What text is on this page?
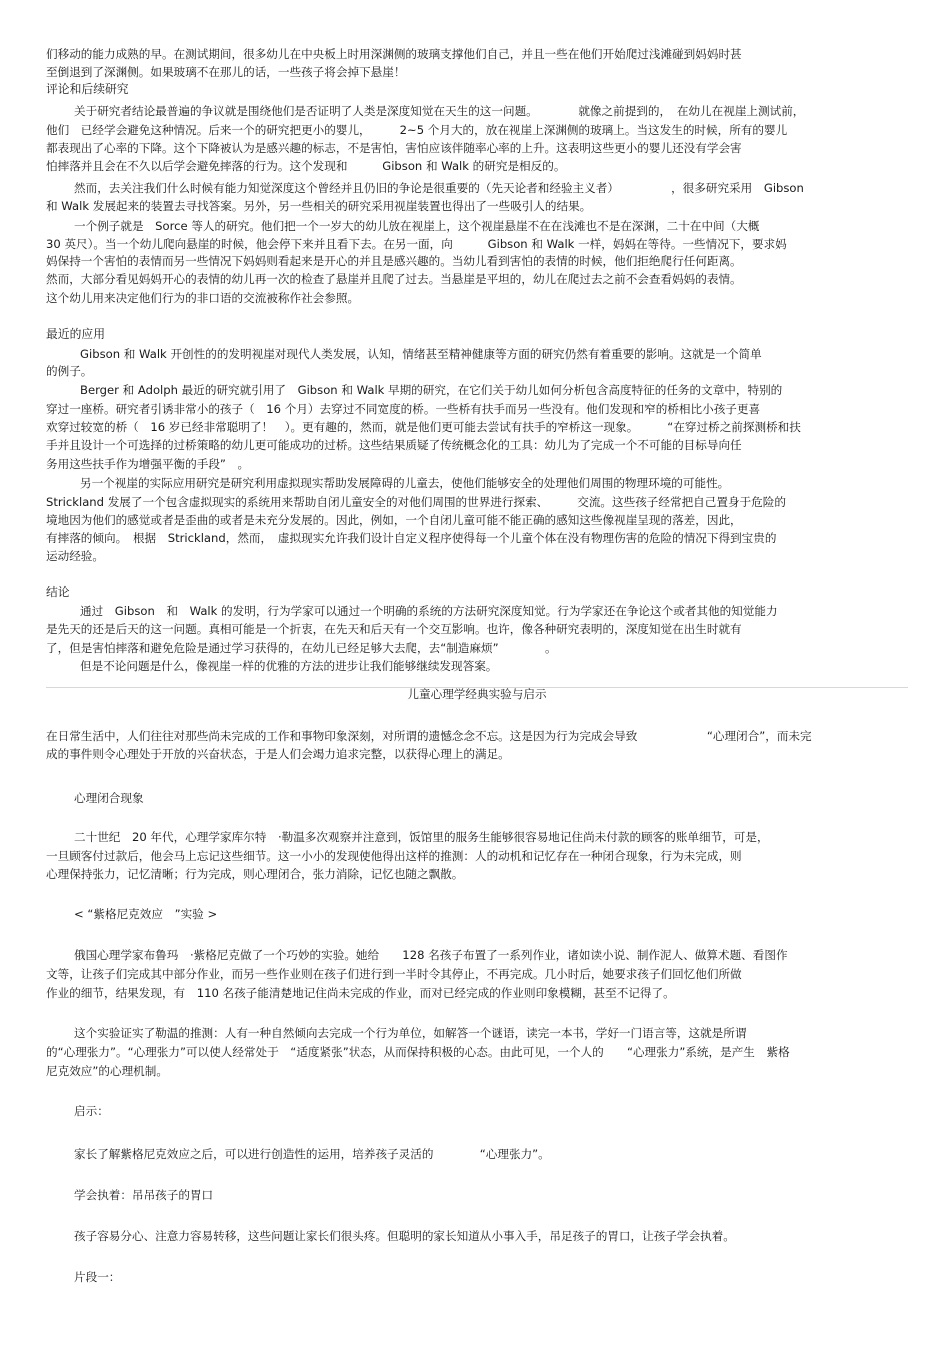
们移动的能力成熟的早。在测试期间，很多幼儿在中央板上时用深渊侧的玻璃支撑他们自己，并且一些在他们开始爬过浅滩碰到妈妈时甚
至倒退到了深渊侧。如果玻璃不在那儿的话，一些孩子将会掉下悬崖！
评论和后续研究
关于研究者结论最普遍的争议就是围绕他们是否证明了人类是深度知觉在天生的这一问题。　　　　就像之前提到的，　在幼儿在视崖上测试前，
他们　已经学会避免这种情况。后来一个的研究把更小的婴儿，　　　2~5 个月大的，放在视崖上深渊侧的玻璃上。当这发生的时候，所有的婴儿
都表现出了心率的下降。这个下降被认为是感兴趣的标志，不是害怕，害怕应该伴随率心率的上升。这表明这些更小的婴儿还没有学会害
怕摔落并且会在不久以后学会避免摔落的行为。这个发现和　　　Gibson 和 Walk 的研究是相反的。
然而，去关注我们什么时候有能力知觉深度这个曾经并且仍旧的争论是很重要的（先天论者和经验主义者）　　　　　，很多研究采用　Gibson
和 Walk 发展起来的装置去寻找答案。另外，另一些相关的研究采用视崖装置也得出了一些吸引人的结果。
一个例子就是　Sorce 等人的研究。他们把一个一岁大的幼儿放在视崖上，这个视崖悬崖不在在浅滩也不是在深渊，二十在中间（大概
30 英尺）。当一个幼儿爬向悬崖的时候，他会停下来并且看下去。在另一面，向　　　Gibson 和 Walk 一样，妈妈在等待。一些情况下，要求妈
妈保持一个害怕的表情而另一些情况下妈妈则看起来是开心的并且是感兴趣的。当幼儿看到害怕的表情的时候，他们拒绝爬行任何距离。
然而，大部分看见妈妈开心的表情的幼儿再一次的检查了悬崖并且爬了过去。当悬崖是平坦的，幼儿在爬过去之前不会查看妈妈的表情。
这个幼儿用来决定他们行为的非口语的交流被称作社会参照。
最近的应用
Gibson 和 Walk 开创性的的发明视崖对现代人类发展，认知，情绪甚至精神健康等方面的研究仍然有着重要的影响。这就是一个简单
的例子。
Berger 和 Adolph 最近的研究就引用了　Gibson 和 Walk 早期的研究，在它们关于幼儿如何分析包含高度特征的任务的文章中，特别的
穿过一座桥。研究者引诱非常小的孩子（　16 个月）去穿过不同宽度的桥。一些桥有扶手而另一些没有。他们发现和窄的桥相比小孩子更喜
欢穿过较宽的桥（　16 岁已经非常聪明了！　）。更有趣的，然而，就是他们更可能去尝试有扶手的窄桥这一现象。　　　“在穿过桥之前探测桥和扶
手并且设计一个可选择的过桥策略的幼儿更可能成功的过桥。这些结果质疑了传统概念化的工具：幼儿为了完成一个不可能的目标导向任
务用这些扶手作为增强平衡的手段”　。
另一个视崖的实际应用研究是研究利用虚拟现实帮助发展障碍的儿童去，使他们能够安全的处理他们周围的物理环境的可能性。
Strickland 发展了一个包含虚拟现实的系统用来帮助自闭儿童安全的对他们周围的世界进行探索、　　　交流。这些孩子经常把自己置身于危险的
境地因为他们的感觉或者是歪曲的或者是未充分发展的。因此，例如，一个自闭儿童可能不能正确的感知这些像视崖呈现的落差，因此，
有摔落的倾向。　根据　Strickland，然而，　虚拟现实允许我们设计自定义程序使得每一个儿童个体在没有物理伤害的危险的情况下得到宝贵的
运动经验。
结论
通过　Gibson　和　Walk 的发明，行为学家可以通过一个明确的系统的方法研究深度知觉。行为学家还在争论这个或者其他的知觉能力
是先天的还是后天的这一问题。真相可能是一个折衷，在先天和后天有一个交互影响。也许，像各种研究表明的，深度知觉在出生时就有
了，但是害怕摔落和避免危险是通过学习获得的，在幼儿已经足够大去爬，去“制造麻烦”　　　　。
但是不论问题是什么，像视崖一样的优雅的方法的进步让我们能够继续发现答案。
儿童心理学经典实验与启示
在日常生活中，人们往往对那些尚未完成的工作和事物印象深刻，对所谓的遗憾念念不忘。这是因为行为完成会导致　　　　　　“心理闭合”，而未完
成的事件则令心理处于开放的兴奋状态，于是人们会竭力追求完整，以获得心理上的满足。
心理闭合现象
二十世纪　20 年代，心理学家库尔特　·勒温多次观察并注意到，饭馆里的服务生能够很容易地记住尚未付款的顾客的账单细节，可是，
一旦顾客付过款后，他会马上忘记这些细节。这一小小的发现使他得出这样的推测：人的动机和记忆存在一种闭合现象，行为未完成，则
心理保持张力，记忆清晰；行为完成，则心理闭合，张力消除，记忆也随之飘散。
< “紫格尼克效应　”实验 >
俄国心理学家布鲁玛　·紫格尼克做了一个巧妙的实验。她给　　128 名孩子布置了一系列作业，诸如读小说、制作泥人、做算术题、看图作
文等，让孩子们完成其中部分作业，而另一些作业则在孩子们进行到一半时令其停止，不再完成。几小时后，她要求孩子们回忆他们所做
作业的细节，结果发现，有　110 名孩子能清楚地记住尚未完成的作业，而对已经完成的作业则印象模糊，甚至不记得了。
这个实验证实了勒温的推测：人有一种自然倾向去完成一个行为单位，如解答一个谜语，读完一本书，学好一门语言等，这就是所谓
的“心理张力”。“心理张力”可以使人经常处于　“适度紧张”状态，从而保持积极的心态。由此可见，一个人的　　“心理张力”系统，是产生　紫格
尼克效应”的心理机制。
启示：
家长了解紫格尼克效应之后，可以进行创造性的运用，培养孩子灵活的　　　　“心理张力”。
学会执着：吊吊孩子的胃口
孩子容易分心、注意力容易转移，这些问题让家长们很头疼。但聪明的家长知道从小事入手，吊足孩子的胃口，让孩子学会执着。
片段一：
